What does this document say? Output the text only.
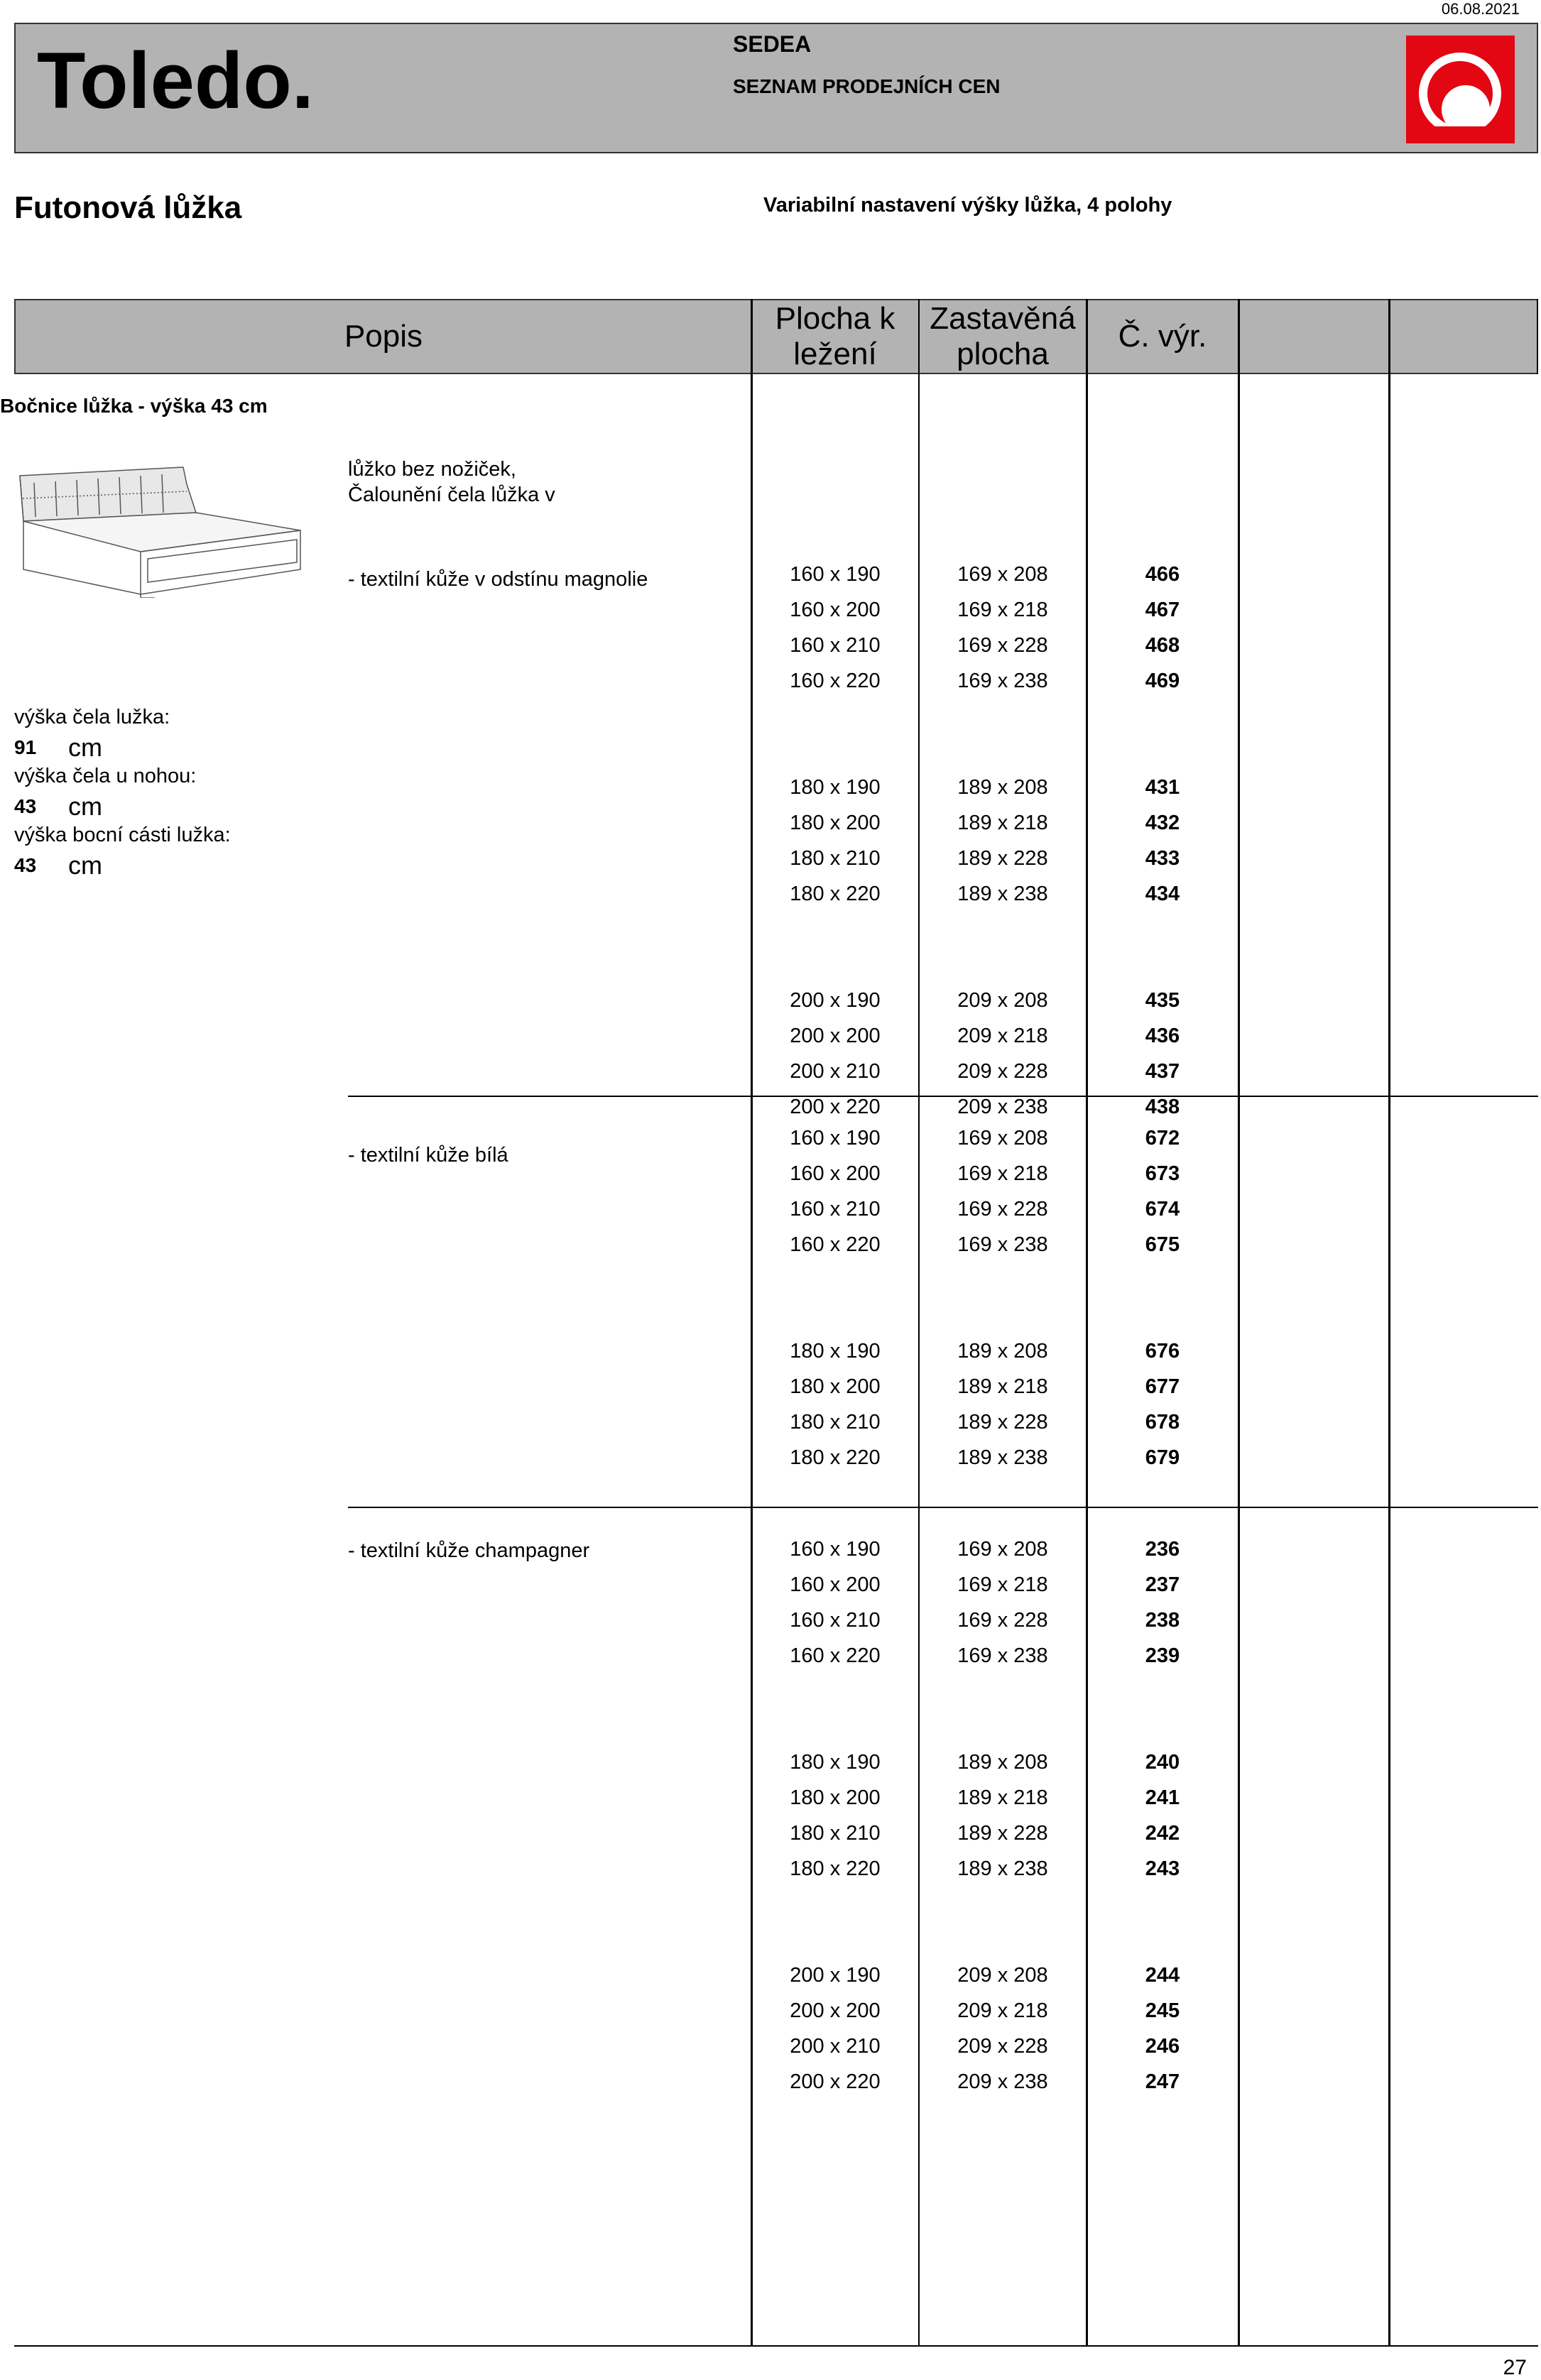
06.08.2021
Toledo.	SEDEA
SEZNAM PRODEJNÍCH CEN
Futonová lůžka	Variabilní nastavení výšky lůžka, 4 polohy
Popis
Plocha k
ležení
Zastavěná
plocha
Č. výr.
Bočnice lůžka - výška 43 cm
výška čela lužka:
91 cm
výška čela u nohou:
43 cm
výška bocní cásti lužka:
43 cm
lůžko bez nožiček,
Čalounění čela lůžka v
- textilní kůže v odstínu magnolie
- textilní kůže bílá
- textilní kůže champagner
160 x 190	169 x 208	466
160 x 200	169 x 218	467
160 x 210	169 x 228	468
160 x 220	169 x 238	469
180 x 190	189 x 208	431
180 x 200	189 x 218	432
180 x 210	189 x 228	433
180 x 220	189 x 238	434
200 x 190	209 x 208	435
200 x 200	209 x 218	436
200 x 210	209 x 228	437
200 x 220	209 x 238	438
160 x 190	169 x 208	672
160 x 200	169 x 218	673
160 x 210	169 x 228	674
160 x 220	169 x 238	675
180 x 190	189 x 208	676
180 x 200	189 x 218	677
180 x 210	189 x 228	678
180 x 220	189 x 238	679
160 x 190	169 x 208	236
160 x 200	169 x 218	237
160 x 210	169 x 228	238
160 x 220	169 x 238	239
180 x 190	189 x 208	240
180 x 200	189 x 218	241
180 x 210	189 x 228	242
180 x 220	189 x 238	243
200 x 190	209 x 208	244
200 x 200	209 x 218	245
200 x 210	209 x 228	246
200 x 220	209 x 238	247
27
